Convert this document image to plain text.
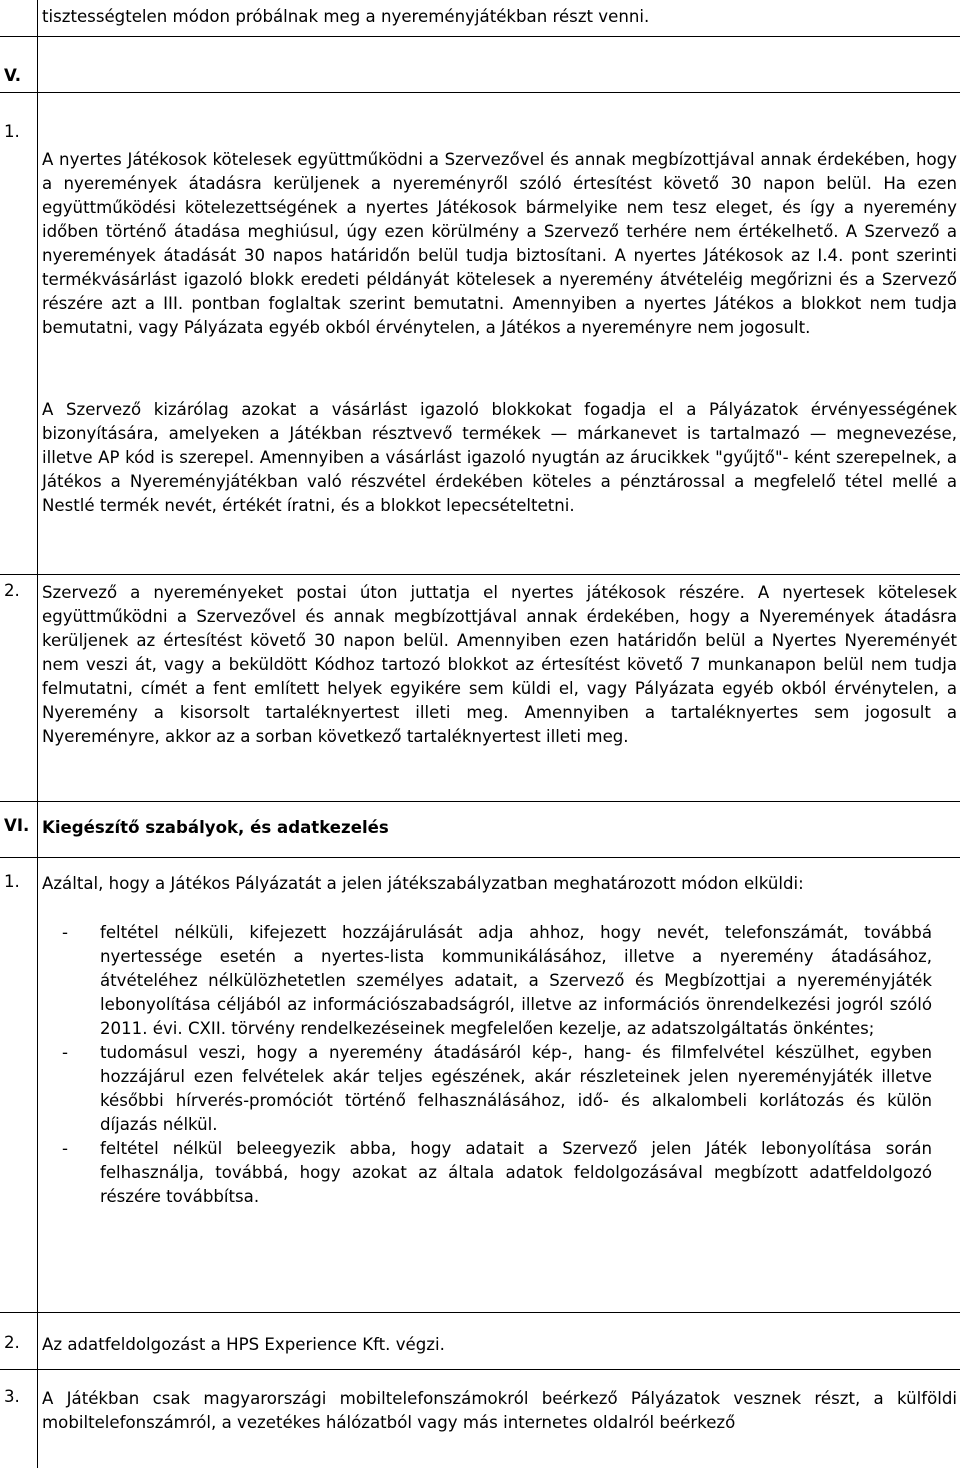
tisztességtelen módon próbálnak meg a nyereményjátékban részt venni.
V.
1.
A nyertes Játékosok kötelesek együttműködni a Szervezővel és annak megbízottjával annak érdekében, hogy a nyeremények átadásra kerüljenek a nyereményről szóló értesítést követő 30 napon belül. Ha ezen együttműködési kötelezettségének a nyertes Játékosok bármelyike nem tesz eleget, és így a nyeremény időben történő átadása meghiúsul, úgy ezen körülmény a Szervező terhére nem értékelhető. A Szervező a nyeremények átadását 30 napos határidőn belül tudja biztosítani. A nyertes Játékosok az I.4. pont szerinti termékvásárlást igazoló blokk eredeti példányát kötelesek a nyeremény átvételéig megőrizni és a Szervező részére azt a III. pontban foglaltak szerint bemutatni. Amennyiben a nyertes Játékos a blokkot nem tudja bemutatni, vagy Pályázata egyéb okból érvénytelen, a Játékos a nyereményre nem jogosult.
A Szervező kizárólag azokat a vásárlást igazoló blokkokat fogadja el a Pályázatok érvényességének bizonyítására, amelyeken a Játékban résztvevő termékek — márkanevet is tartalmazó — megnevezése, illetve AP kód is szerepel. Amennyiben a vásárlást igazoló nyugtán az árucikkek "gyűjtő"- ként szerepelnek, a Játékos a Nyereményjátékban való részvétel érdekében köteles a pénztárossal a megfelelő tétel mellé a Nestlé termék nevét, értékét íratni, és a blokkot lepecsételtetni.
2. Szervező a nyereményeket postai úton juttatja el nyertes játékosok részére. A nyertesek kötelesek együttműködni a Szervezővel és annak megbízottjával annak érdekében, hogy a Nyeremények átadásra kerüljenek az értesítést követő 30 napon belül. Amennyiben ezen határidőn belül a Nyertes Nyereményét nem veszi át, vagy a beküldött Kódhoz tartozó blokkot az értesítést követő 7 munkanapon belül nem tudja felmutatni, címét a fent említett helyek egyikére sem küldi el, vagy Pályázata egyéb okból érvénytelen, a Nyeremény a kisorsolt tartaléknyertest illeti meg. Amennyiben a tartaléknyertes sem jogosult a Nyereményre, akkor az a sorban következő tartaléknyertest illeti meg.
VI. Kiegészítő szabályok, és adatkezelés
1. Azáltal, hogy a Játékos Pályázatát a jelen játékszabályzatban meghatározott módon elküldi:
- feltétel nélküli, kifejezett hozzájárulását adja ahhoz, hogy nevét, telefonszámát, továbbá nyertessége esetén a nyertes-lista kommunikálásához, illetve a nyeremény átadásához, átvételéhez nélkülözhetetlen személyes adatait, a Szervező és Megbízottjai a nyereményjáték lebonyolítása céljából az információszabadságról, illetve az információs önrendelkezési jogról szóló 2011. évi. CXII. törvény rendelkezéseinek megfelelően kezelje, az adatszolgáltatás önkéntes;
- tudomásul veszi, hogy a nyeremény átadásáról kép-, hang- és filmfelvétel készülhet, egyben hozzájárul ezen felvételek akár teljes egészének, akár részleteinek jelen nyereményjáték illetve későbbi hírverés-promóciót történő felhasználásához, idő- és alkalombeli korlátozás és külön díjazás nélkül.
- feltétel nélkül beleegyezik abba, hogy adatait a Szervező jelen Játék lebonyolítása során felhasználja, továbbá, hogy azokat az általa adatok feldolgozásával megbízott adatfeldolgozó részére továbbítsa.
2. Az adatfeldolgozást a HPS Experience Kft. végzi.
3. A Játékban csak magyarországi mobiltelefonszámokról beérkező Pályázatok vesznek részt, a külföldi mobiltelefonszámról, a vezetékes hálózatból vagy más internetes oldalról beérkező
